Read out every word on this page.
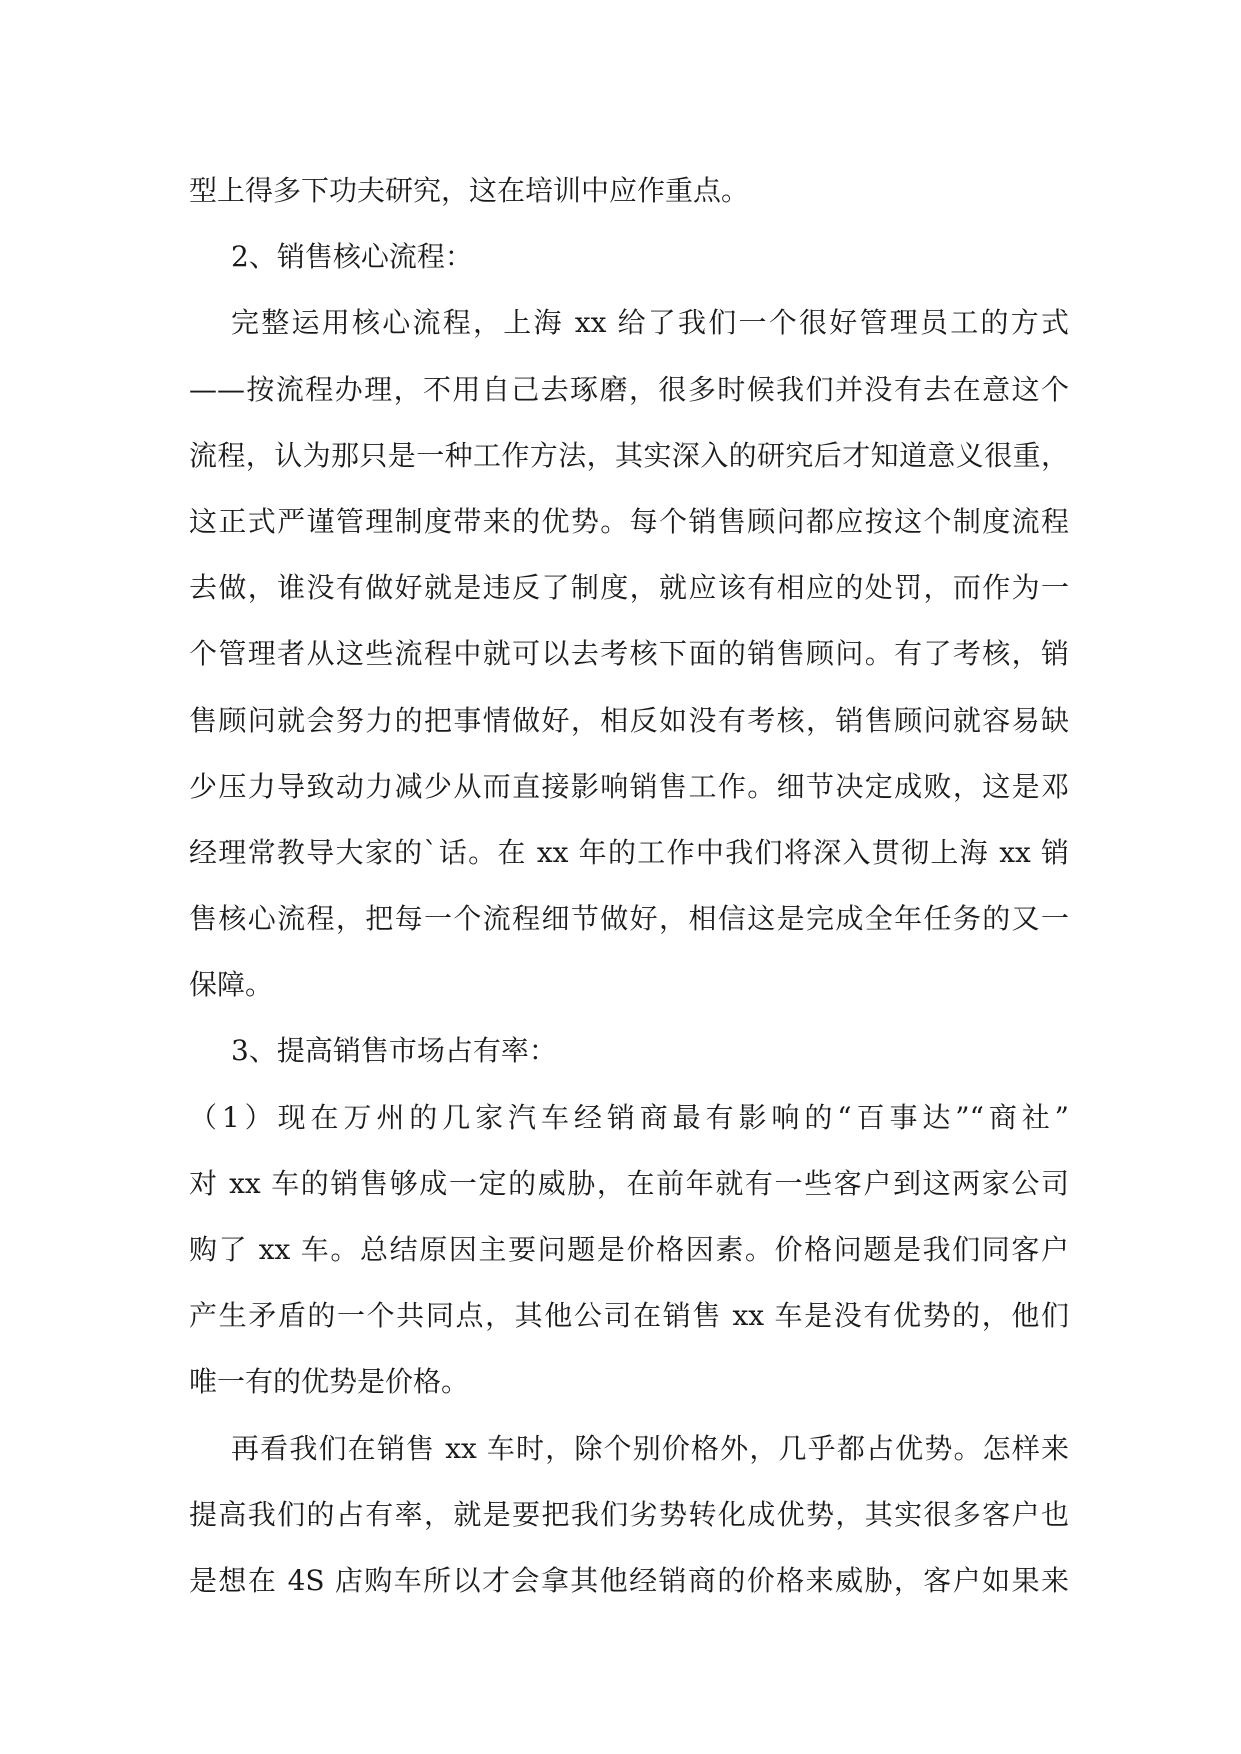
型上得多下功夫研究，这在培训中应作重点。
2、销售核心流程：
完整运用核心流程，上海 xx 给了我们一个很好管理员工的方式
——按流程办理，不用自己去琢磨，很多时候我们并没有去在意这个
流程，认为那只是一种工作方法，其实深入的研究后才知道意义很重，
这正式严谨管理制度带来的优势。每个销售顾问都应按这个制度流程
去做，谁没有做好就是违反了制度，就应该有相应的处罚，而作为一
个管理者从这些流程中就可以去考核下面的销售顾问。有了考核，销
售顾问就会努力的把事情做好，相反如没有考核，销售顾问就容易缺
少压力导致动力减少从而直接影响销售工作。细节决定成败，这是邓
经理常教导大家的`话。在 xx 年的工作中我们将深入贯彻上海 xx 销
售核心流程，把每一个流程细节做好，相信这是完成全年任务的又一
保障。
3、提高销售市场占有率：
（1）现在万州的几家汽车经销商最有影响的“百事达”“商社”
对 xx 车的销售够成一定的威胁，在前年就有一些客户到这两家公司
购了 xx 车。总结原因主要问题是价格因素。价格问题是我们同客户
产生矛盾的一个共同点，其他公司在销售 xx 车是没有优势的，他们
唯一有的优势是价格。
再看我们在销售 xx 车时，除个别价格外，几乎都占优势。怎样来
提高我们的占有率，就是要把我们劣势转化成优势，其实很多客户也
是想在 4S 店购车所以才会拿其他经销商的价格来威胁，客户如果来
